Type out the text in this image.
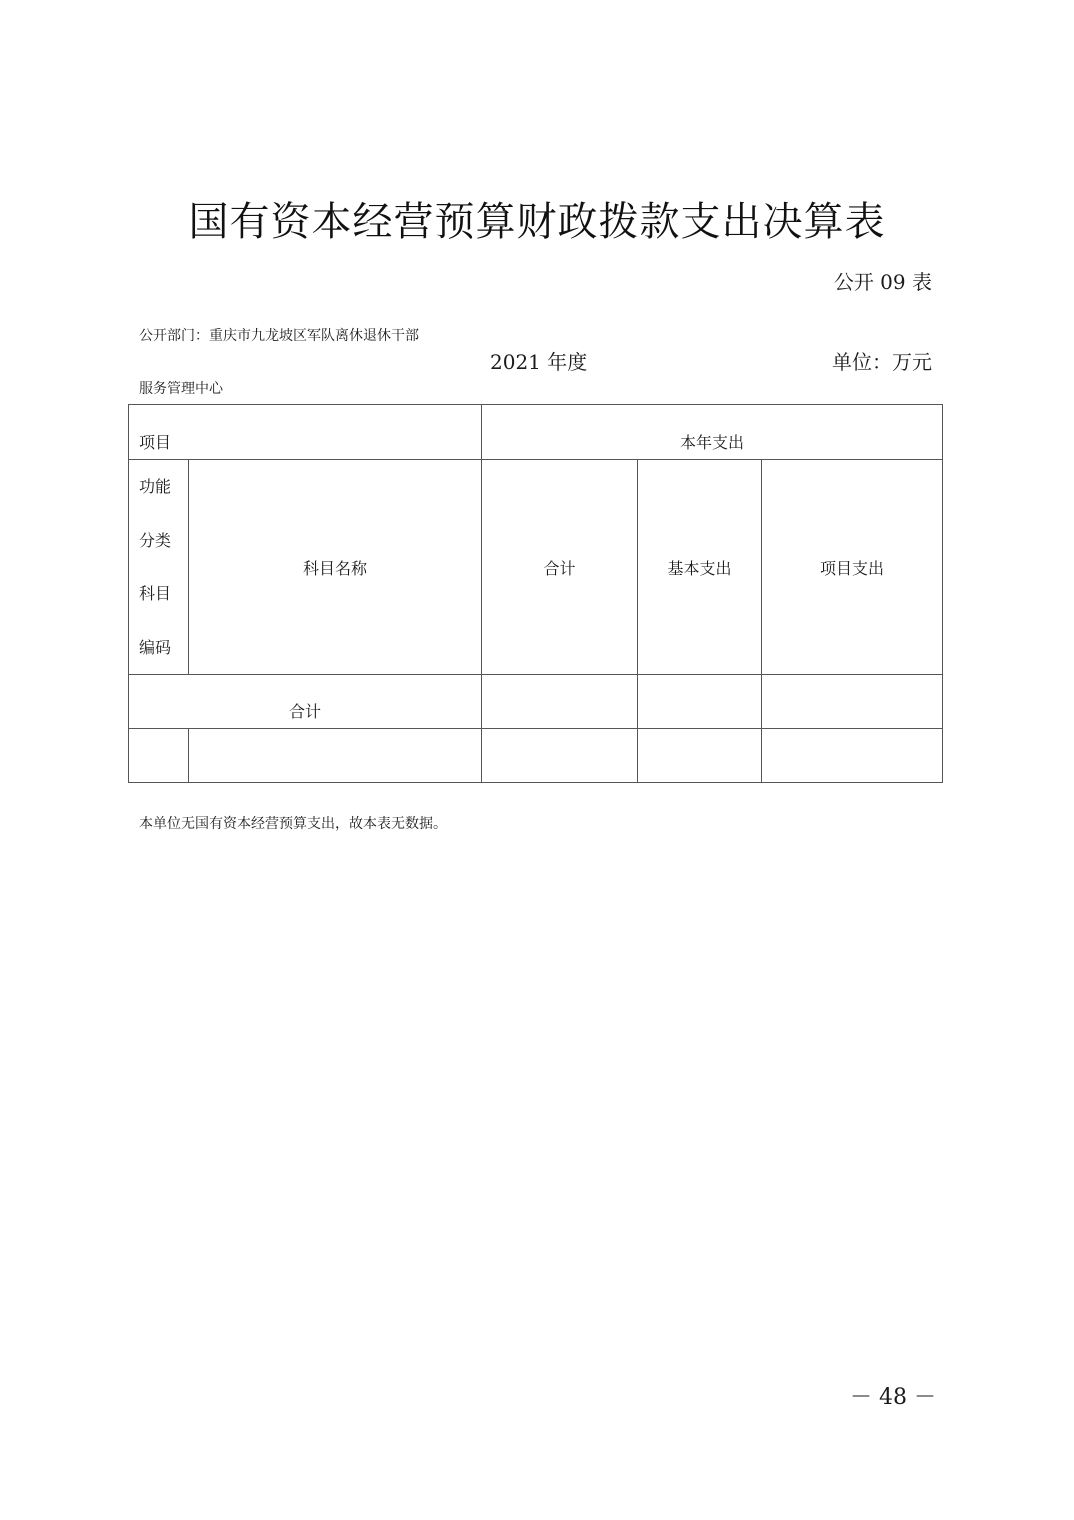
国有资本经营预算财政拨款支出决算表
公开 09 表
公开部门：重庆市九龙坡区军队离休退休干部
服务管理中心
2021 年度	单位：万元
项目		本年支出		

功能
分类
科目
编码	科目名称	合计	基本支出	项目支出
合计				

本单位无国有资本经营预算支出，故本表无数据。
－ 48 －
